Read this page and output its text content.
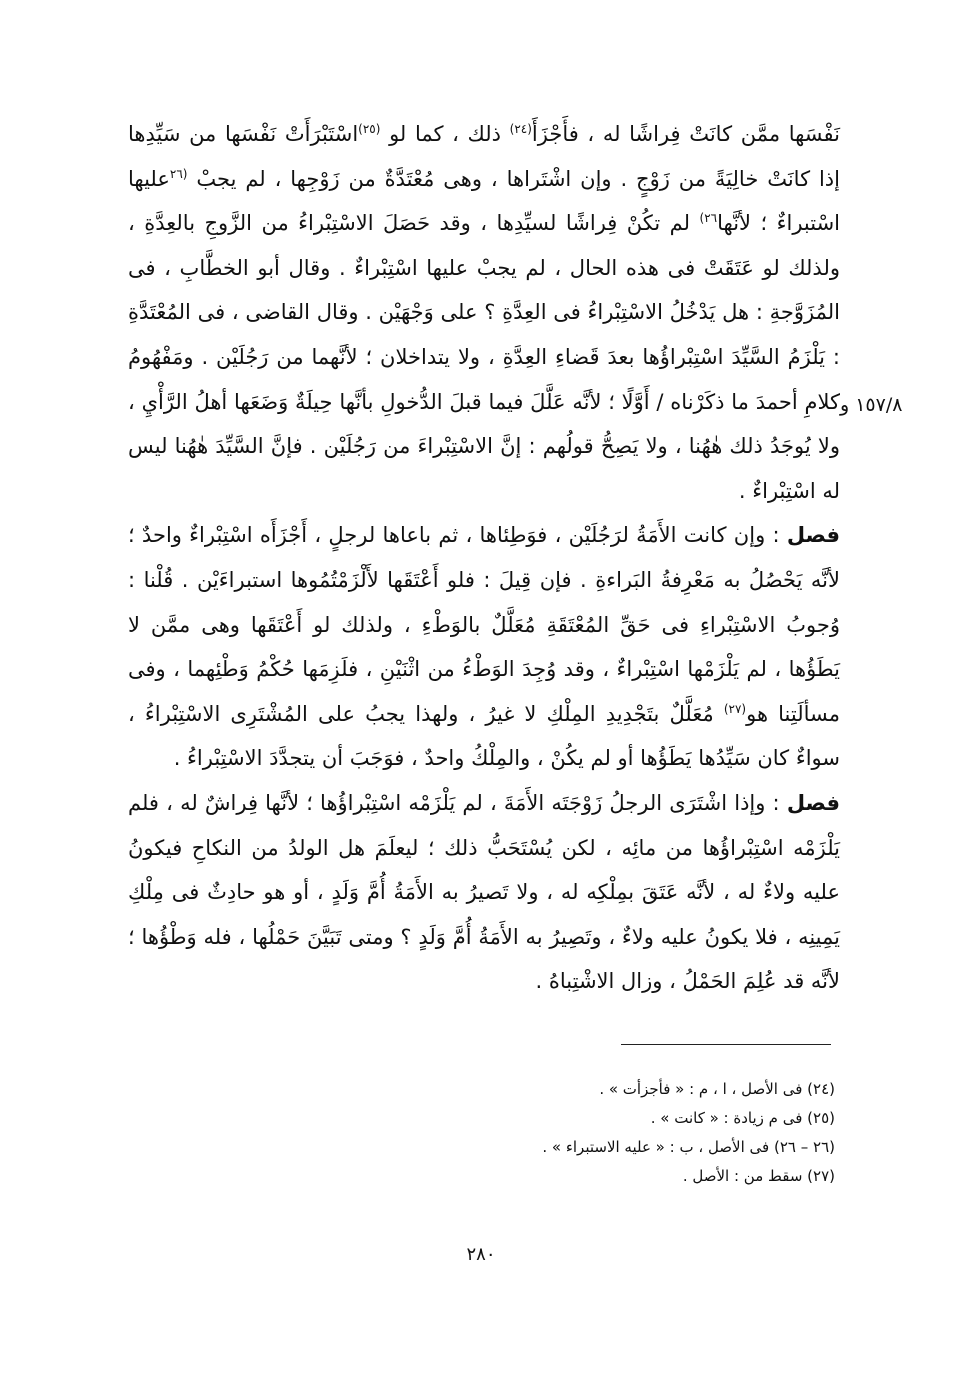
نَفْسَها ممَّن كانَتْ فِراشًا له ، فأَجْزَأَ$^{(٢٤)}$ ذلك ، كما لو $^{(٢٥)}$اسْتَبْرَأَتْ نَفْسَها من سَيِّدِها إذا كانَتْ خالِيَةً من زَوْجٍ . وإن اشْتَراها ، وهى مُعْتَدَّةٌ من زَوْجِها ، لم يجبْ $^{(٢٦}$عليها اسْتبراءٌ ؛ لأنَّها$^{٢٦)}$ لم تكُنْ فِراشًا لسيِّدِها ، وقد حَصَلَ الاسْتِبْراءُ من الزَّوجِ بالعِدَّةِ ، ولذلك لو عَتَقَتْ فى هذه الحال ، لم يجبْ عليها اسْتِبْراءٌ . وقال أبو الخطَّابِ ، فى المُزَوَّجةِ : هل يَدْخُلُ الاسْتِبْراءُ فى العِدَّةِ ؟ على وَجْهَيْن . وقال القاضى ، فى المُعْتَدَّةِ : يَلْزَمُ السَّيِّدَ اسْتِبْراؤُها بعدَ قَضاءِ العِدَّةِ ، ولا يتداخلان ؛ لأنَّهما من رَجُلَيْن . ومَفْهُومُ كلامِ أحمدَ ما ذكَرْناه / أَوَّلًا ؛ لأنَّه عَلَّلَ فيما قبلَ الدُّخولِ بأنَّها حِيلَةٌ وَضَعَها أهلُ الرَّأْيِ ، ولا يُوجَدُ ذلك هٰهُنا ، ولا يَصِحُّ قولُهم : إنَّ الاسْتِبْراءَ من رَجُلَيْن . فإنَّ السَّيِّدَ هٰهُنا ليس له اسْتِبْراءٌ .

فصل : وإن كانت الأَمَةُ لرَجُلَيْن ، فوَطِئاها ، ثم باعاها لرجلٍ ، أَجْزَأَه اسْتِبْراءٌ واحدٌ ؛ لأنَّه يَحْصُلُ به مَعْرِفةُ البَراءةِ . فإن قِيلَ : فلو أَعْتَقَها لأَلْزَمْتُمُوها استبراءَيْن . قُلْنا : وُجوبُ الاسْتِبْراءِ فى حَقِّ المُعْتَقَةِ مُعَلَّلٌ بالوَطْءِ ، ولذلك لو أَعْتَقَها وهى ممَّن لا يَطَؤُها ، لم يَلْزَمْها اسْتِبْراءٌ ، وقد وُجِدَ الوَطْءُ من اثْنَيْنِ ، فلَزِمَها حُكْمُ وَطْئِهما ، وفى مسألَتِنا هو$^{(٢٧)}$ مُعَلَّلٌ بتَجْدِيدِ المِلْكِ لا غيرُ ، ولهذا يجبُ على المُشْتَرِى الاسْتِبْراءُ ، سواءٌ كان سَيِّدُها يَطَؤُها أو لم يكُنْ ، والمِلْكُ واحدٌ ، فوَجَبَ أن يتجدَّدَ الاسْتِبْراءُ .

فصل : وإذا اشْتَرَى الرجلُ زَوْجَتَه الأَمَةَ ، لم يَلْزَمْه اسْتِبْراؤُها ؛ لأنَّها فِراشٌ له ، فلم يَلْزَمْه اسْتِبْراؤُها من مائِه ، لكن يُسْتَحَبُّ ذلك ؛ ليعلَمَ هل الولدُ من النكاحِ فيكونُ عليه ولاءٌ له ، لأنَّه عَتَقَ بمِلْكِه له ، ولا تَصيرُ به الأَمَةُ أُمَّ وَلَدٍ ، أو هو حادِثٌ فى مِلْكِ يَمِينِه ، فلا يكونُ عليه ولاءٌ ، وتَصِيرُ به الأَمَةُ أُمَّ وَلَدٍ ؟ ومتى تَبَيَّنَ حَمْلُها ، فله وَطْؤُها ؛ لأنَّه قد عُلِمَ الحَمْلُ ، وزال الاشْتِباهُ .

١٥٧/٨ و

(٢٤) فى الأصل ، ا ، م : « فأجزأت » .

(٢٥) فى م زيادة : « كانت » .

(٢٦ – ٢٦) فى الأصل ، ب : « عليه الاستبراء » .

(٢٧) سقط من : الأصل .

٢٨٠
